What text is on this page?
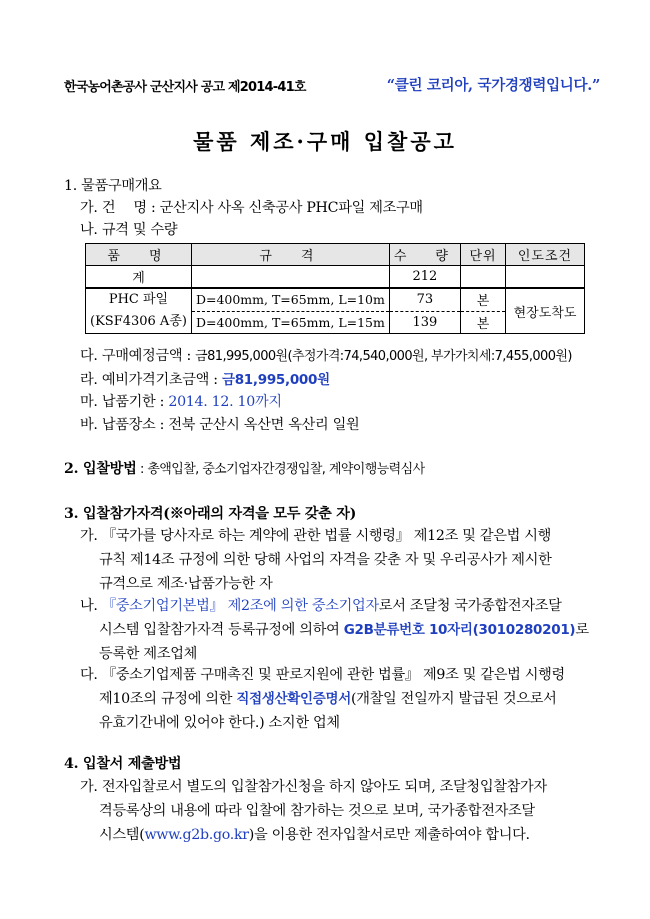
한국농어촌공사 군산지사 공고 제2014-41호	“클린 코리아, 국가경쟁력입니다.”
물품 제조·구매 입찰공고
1. 물품구매개요
가. 건　 명 : 군산지사 사옥 신축공사 PHC파일 제조구매
나. 규격 및 수량
품　명	규　격	수　량	단위	인도조건
계		212		
PHC 파일
(KSF4306 A종)	D=400mm, T=65mm, L=10m	73	본	현장도착도
	D=400mm, T=65mm, L=15m	139	본	
다. 구매예정금액 : 금81,995,000원(추정가격:74,540,000원, 부가가치세:7,455,000원)
라. 예비가격기초금액 : 금81,995,000원
마. 납품기한 : 2014. 12. 10까지
바. 납품장소 : 전북 군산시 옥산면 옥산리 일원
2. 입찰방법 : 총액입찰, 중소기업자간경쟁입찰, 계약이행능력심사
3. 입찰참가자격(※아래의 자격을 모두 갖춘 자)
가. 『국가를 당사자로 하는 계약에 관한 법률 시행령』 제12조 및 같은법 시행
규칙 제14조 규정에 의한 당해 사업의 자격을 갖춘 자 및 우리공사가 제시한
규격으로 제조·납품가능한 자
나. 『중소기업기본법』 제2조에 의한 중소기업자로서 조달청 국가종합전자조달
시스템 입찰참가자격 등록규정에 의하여 G2B분류번호 10자리(3010280201)로
등록한 제조업체
다. 『중소기업제품 구매촉진 및 판로지원에 관한 법률』 제9조 및 같은법 시행령
제10조의 규정에 의한 직접생산확인증명서(개찰일 전일까지 발급된 것으로서
유효기간내에 있어야 한다.) 소지한 업체
4. 입찰서 제출방법
가. 전자입찰로서 별도의 입찰참가신청을 하지 않아도 되며, 조달청입찰참가자
격등록상의 내용에 따라 입찰에 참가하는 것으로 보며, 국가종합전자조달
시스템(www.g2b.go.kr)을 이용한 전자입찰서로만 제출하여야 합니다.
